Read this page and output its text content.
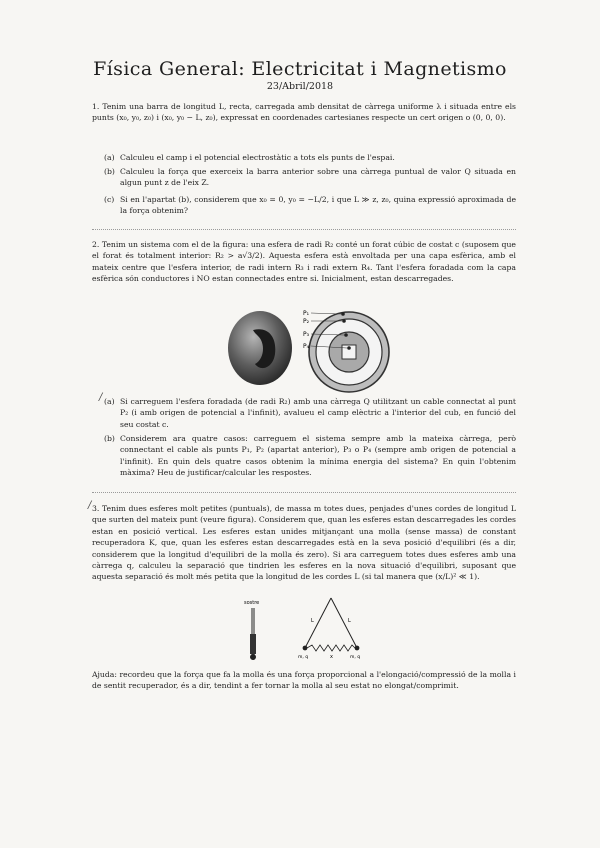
Física General: Electricitat i Magnetismo
23/Abril/2018
1. Tenim una barra de longitud L, recta, carregada amb densitat de càrrega uniforme λ i situada entre els punts (x₀, y₀, z₀) i (x₀, y₀ − L, z₀), expressat en coordenades cartesianes respecte un cert origen o (0, 0, 0).
(a) Calculeu el camp i el potencial electrostàtic a tots els punts de l'espai.
(b) Calculeu la força que exerceix la barra anterior sobre una càrrega puntual de valor Q situada en algun punt z de l'eix Z.
(c) Si en l'apartat (b), considerem que x₀ = 0, y₀ = −L/2, i que L ≫ z, z₀, quina expressió aproximada de la força obtenim?
2. Tenim un sistema com el de la figura: una esfera de radi R₂ conté un forat cúbic de costat c (suposem que el forat és totalment interior: R₂ > a√3/2). Aquesta esfera està envoltada per una capa esfèrica, amb el mateix centre que l'esfera interior, de radi intern R₃ i radi extern R₄. Tant l'esfera foradada com la capa esfèrica són conductores i NO estan connectades entre si. Inicialment, estan descarregades.
P₁
P₂
P₃
P₄
(a) Si carreguem l'esfera foradada (de radi R₂) amb una càrrega Q utilitzant un cable connectat al punt P₂ (i amb origen de potencial a l'infinit), avalueu el camp elèctric a l'interior del cub, en funció del seu costat c.
/
(b) Considerem ara quatre casos: carreguem el sistema sempre amb la mateixa càrrega, però connectant el cable als punts P₁, P₂ (apartat anterior), P₃ o P₄ (sempre amb origen de potencial a l'infinit). En quin dels quatre casos obtenim la mínima energia del sistema? En quin l'obtenim màxima? Heu de justificar/calcular les respostes.
3. Tenim dues esferes molt petites (puntuals), de massa m totes dues, penjades d'unes cordes de longitud L que surten del mateix punt (veure figura). Considerem que, quan les esferes estan descarregades les cordes estan en posició vertical. Les esferes estan unides mitjançant una molla (sense massa) de constant recuperadora K, que, quan les esferes estan descarregades està en la seva posició d'equilibri (és a dir, considerem que la longitud d'equilibri de la molla és zero). Si ara carreguem totes dues esferes amb una càrrega q, calculeu la separació que tindrien les esferes en la nova situació d'equilibri, suposant que aquesta separació és molt més petita que la longitud de les cordes L (si tal manera que (x/L)² ≪ 1).
/
sostre
L	L
m, q	m, q
x
Ajuda: recordeu que la força que fa la molla és una força proporcional a l'elongació/compressió de la molla i de sentit recuperador, és a dir, tendint a fer tornar la molla al seu estat no elongat/comprimit.
